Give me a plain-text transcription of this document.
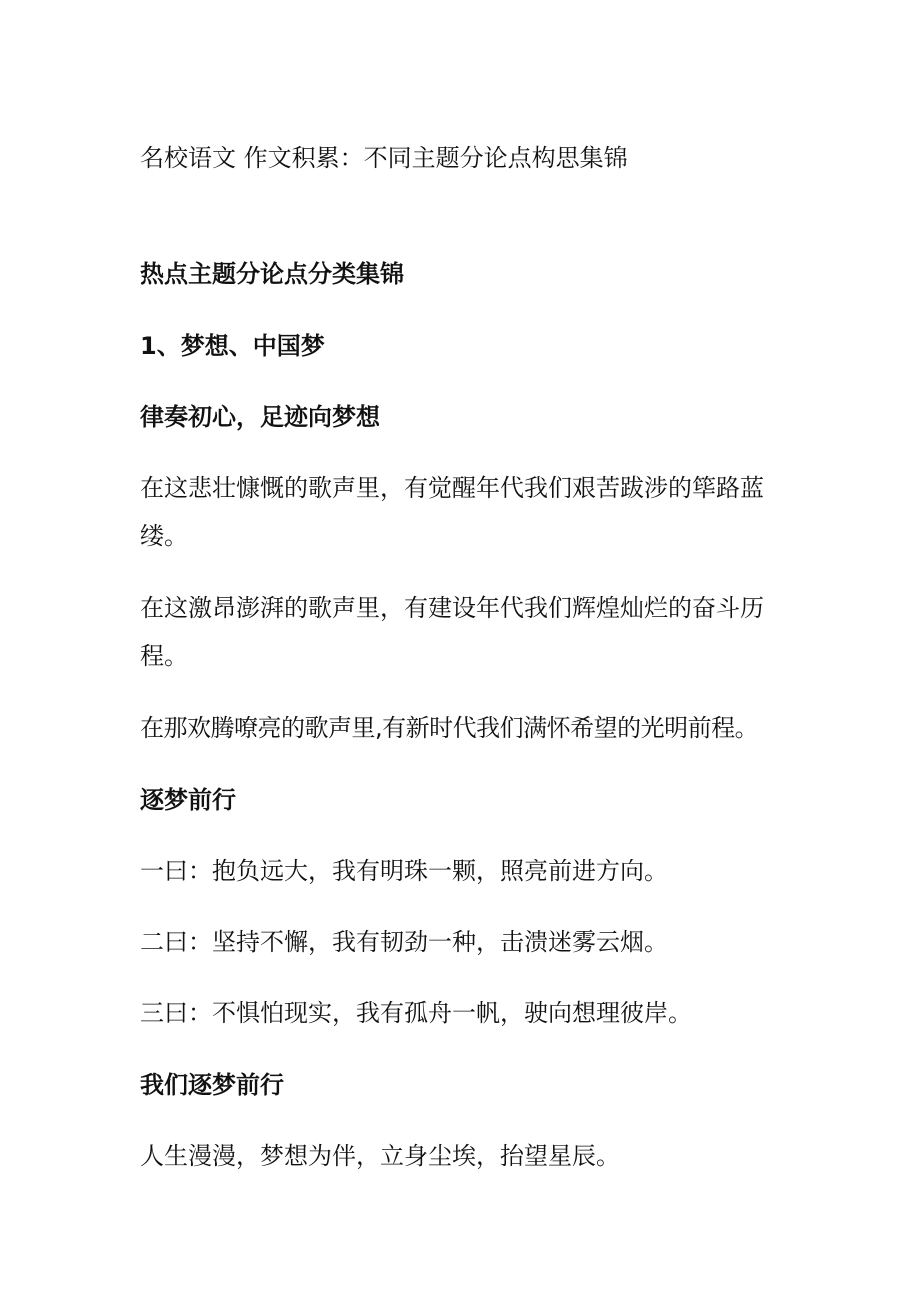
名校语文 作文积累：不同主题分论点构思集锦

热点主题分论点分类集锦

1、梦想、中国梦

律奏初心，足迹向梦想

在这悲壮慷慨的歌声里，有觉醒年代我们艰苦跋涉的筚路蓝缕。

在这激昂澎湃的歌声里，有建设年代我们辉煌灿烂的奋斗历程。

在那欢腾嘹亮的歌声里,有新时代我们满怀希望的光明前程。

逐梦前行

一曰：抱负远大，我有明珠一颗，照亮前进方向。

二曰：坚持不懈，我有韧劲一种，击溃迷雾云烟。

三曰：不惧怕现实，我有孤舟一帆，驶向想理彼岸。

我们逐梦前行

人生漫漫，梦想为伴，立身尘埃，抬望星辰。
